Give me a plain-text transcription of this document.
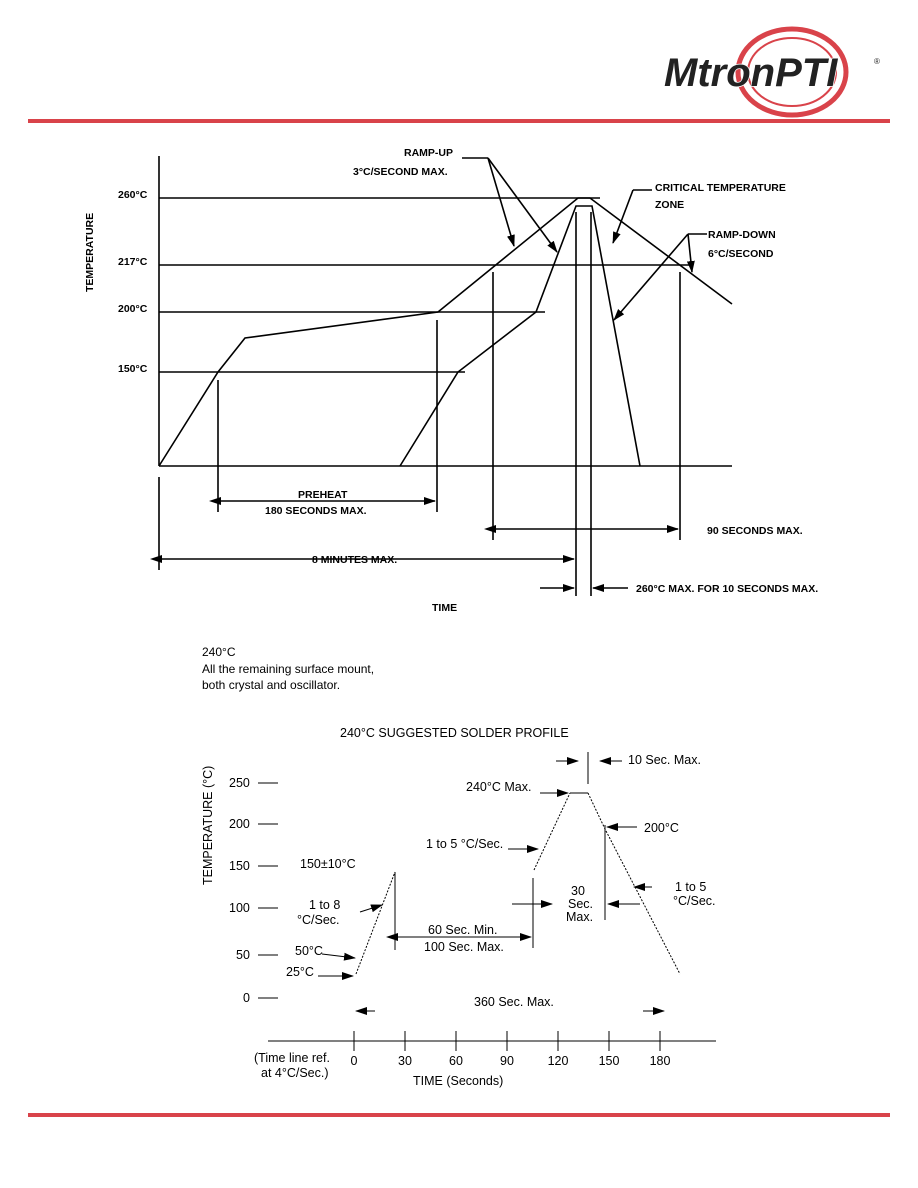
MtronPTI	®
TEMPERATURE
260°C
217°C
200°C
150°C
RAMP-UP
3°C/SECOND MAX.
CRITICAL TEMPERATURE
ZONE
RAMP-DOWN
6°C/SECOND
PREHEAT
180 SECONDS MAX.
90 SECONDS MAX.
8 MINUTES MAX.
260°C MAX. FOR 10 SECONDS MAX.
TIME
240°C
All the remaining surface mount,
both crystal and oscillator.
240°C SUGGESTED SOLDER PROFILE
TEMPERATURE (°C) 250
200
150
100
50
0
10 Sec. Max.
240°C Max.
1 to 5 °C/Sec.
200°C
150±10°C
1 to 8
°C/Sec.
30
Sec.
Max.
1 to 5
°C/Sec.
60 Sec. Min.
100 Sec. Max.
50°C
25°C
360 Sec. Max.
0	30	60	90	120 150 180
(Time line ref.
at 4°C/Sec.)
TIME (Seconds)
